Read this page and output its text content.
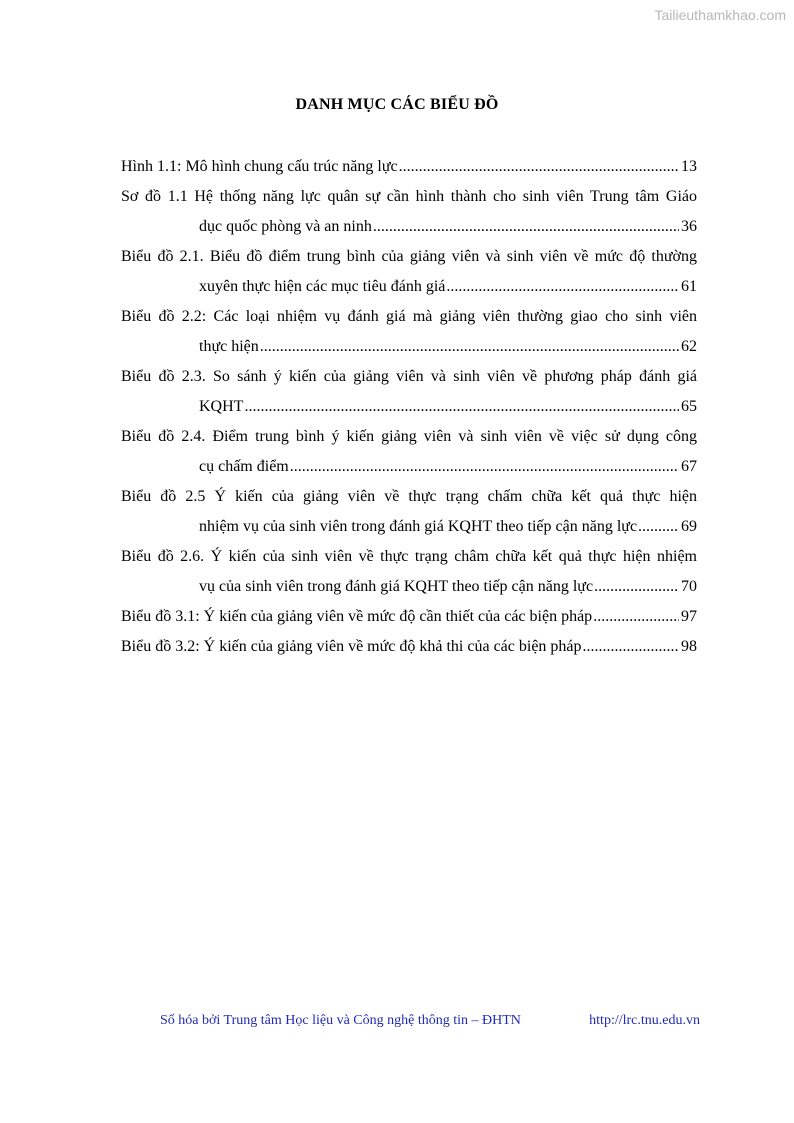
Tailieuthamkhao.com
DANH MỤC CÁC BIỂU ĐỒ
Hình 1.1: Mô hình chung cấu trúc năng lực .....	13
Sơ đồ 1.1 Hệ thống năng lực quân sự cần hình thành cho sinh viên Trung tâm Giáo
dục quốc phòng và an ninh .....	36
Biểu đồ 2.1. Biểu đồ điểm trung bình của giảng viên và sinh viên về mức độ thường
xuyên thực hiện các mục tiêu đánh giá .....	61
Biểu đồ 2.2: Các loại nhiệm vụ đánh giá mà giảng viên thường giao cho sinh viên
thực hiện .....	62
Biểu đồ 2.3. So sánh ý kiến của giảng viên và sinh viên về phương pháp đánh giá
KQHT .....	65
Biểu đồ 2.4. Điểm trung bình ý kiến giảng viên và sinh viên về việc sử dụng công
cụ chấm điểm .....	67
Biểu đồ 2.5 Ý kiến của giảng viên về thực trạng chấm chữa kết quả thực hiện
nhiệm vụ của sinh viên trong đánh giá KQHT theo tiếp cận năng lực .....	69
Biểu đồ 2.6. Ý kiến của sinh viên về thực trạng châm chữa kết quả thực hiện nhiệm
vụ của sinh viên trong đánh giá KQHT theo tiếp cận năng lực .....	70
Biểu đồ 3.1: Ý kiến của giảng viên về mức độ cần thiết của các biện pháp .....	97
Biểu đồ 3.2: Ý kiến của giảng viên về mức độ khả thi của các biện pháp .....	98
Số hóa bởi Trung tâm Học liệu và Công nghệ thông tin – ĐHTN	http://lrc.tnu.edu.vn
